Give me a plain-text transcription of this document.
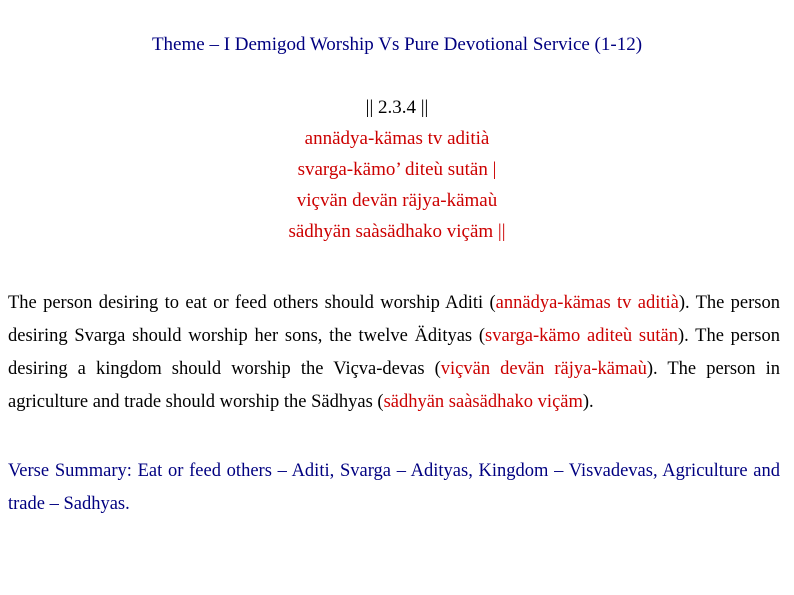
Theme – I Demigod Worship Vs Pure Devotional Service (1-12)
|| 2.3.4 ||
annädya-kämas tv aditià
svarga-kämo’ diteù sutän |
viçvän devän räjya-kämaù
sädhyän saàsädhako viçäm ||
The person desiring to eat or feed others should worship Aditi (annädya-kämas tv aditià). The person desiring Svarga should worship her sons, the twelve Ädityas (svarga-kämo aditeù sutän). The person desiring a kingdom should worship the Viçva-devas (viçvän devän räjya-kämaù). The person in agriculture and trade should worship the Sädhyas (sädhyän saàsädhako viçäm).
Verse Summary: Eat or feed others – Aditi, Svarga – Adityas, Kingdom – Visvadevas, Agriculture and trade – Sadhyas.
